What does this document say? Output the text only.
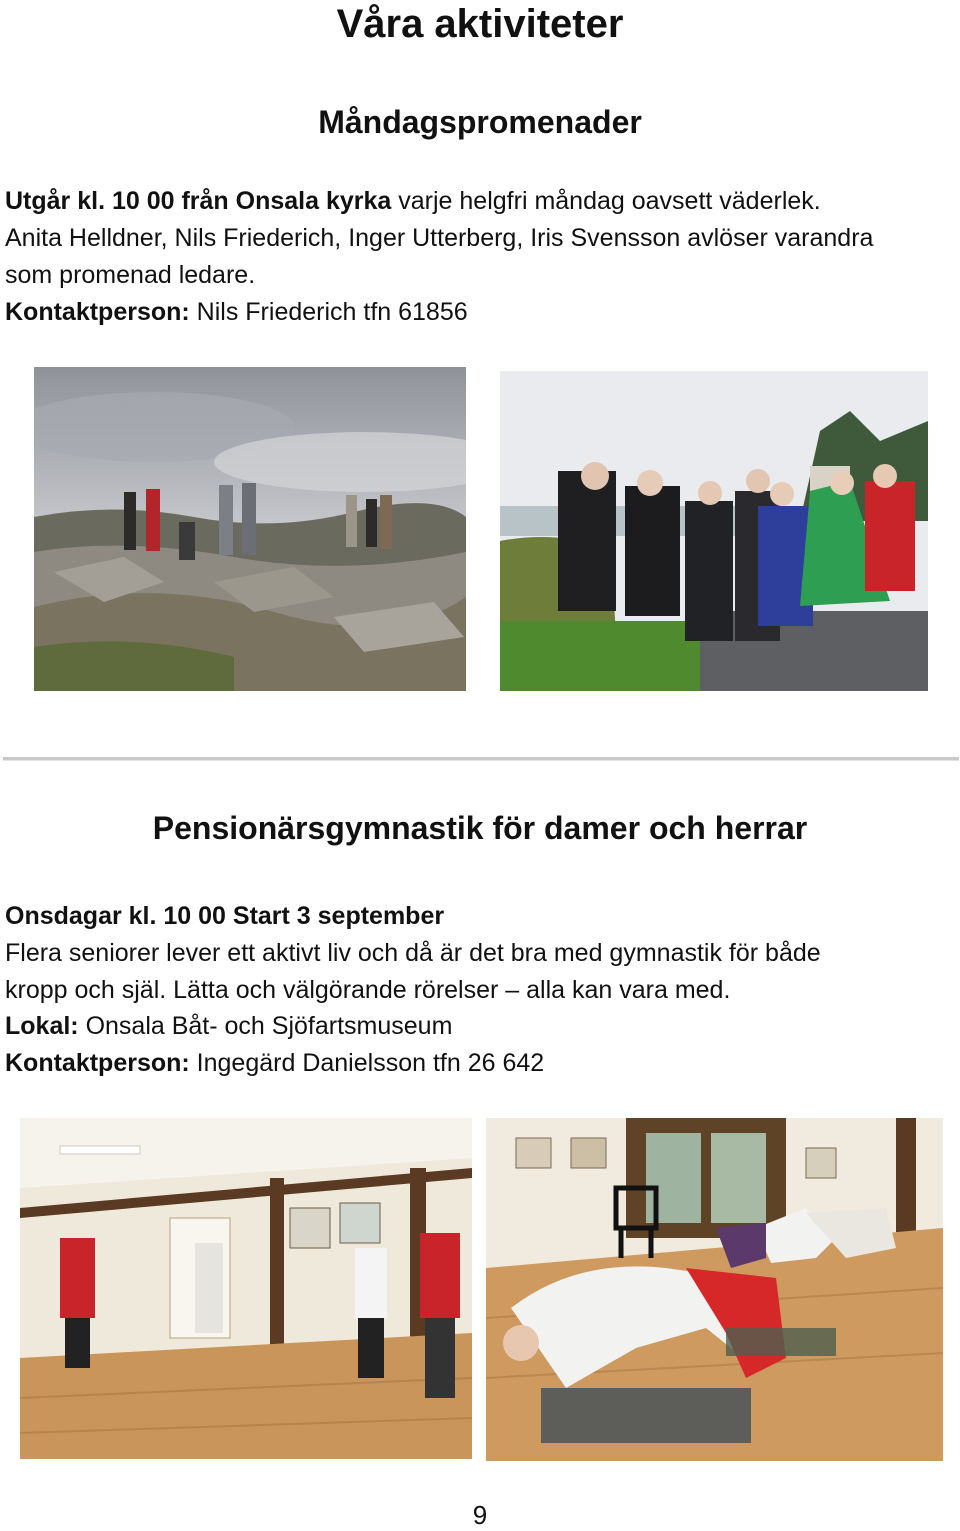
Våra aktiviteter
Måndagspromenader

Utgår kl. 10 00 från Onsala kyrka varje helgfri måndag oavsett väderlek.

Anita Helldner, Nils Friederich, Inger Utterberg, Iris Svensson avlöser varandra

som promenad ledare.

Kontaktperson: Nils Friederich tfn 61856

Pensionärsgymnastik för damer och herrar

Onsdagar kl. 10 00 Start 3 september

Flera seniorer lever ett aktivt liv och då är det bra med gymnastik för både

kropp och själ. Lätta och välgörande rörelser – alla kan vara med.

Lokal: Onsala Båt- och Sjöfartsmuseum

Kontaktperson: Ingegärd Danielsson tfn 26 642

9
